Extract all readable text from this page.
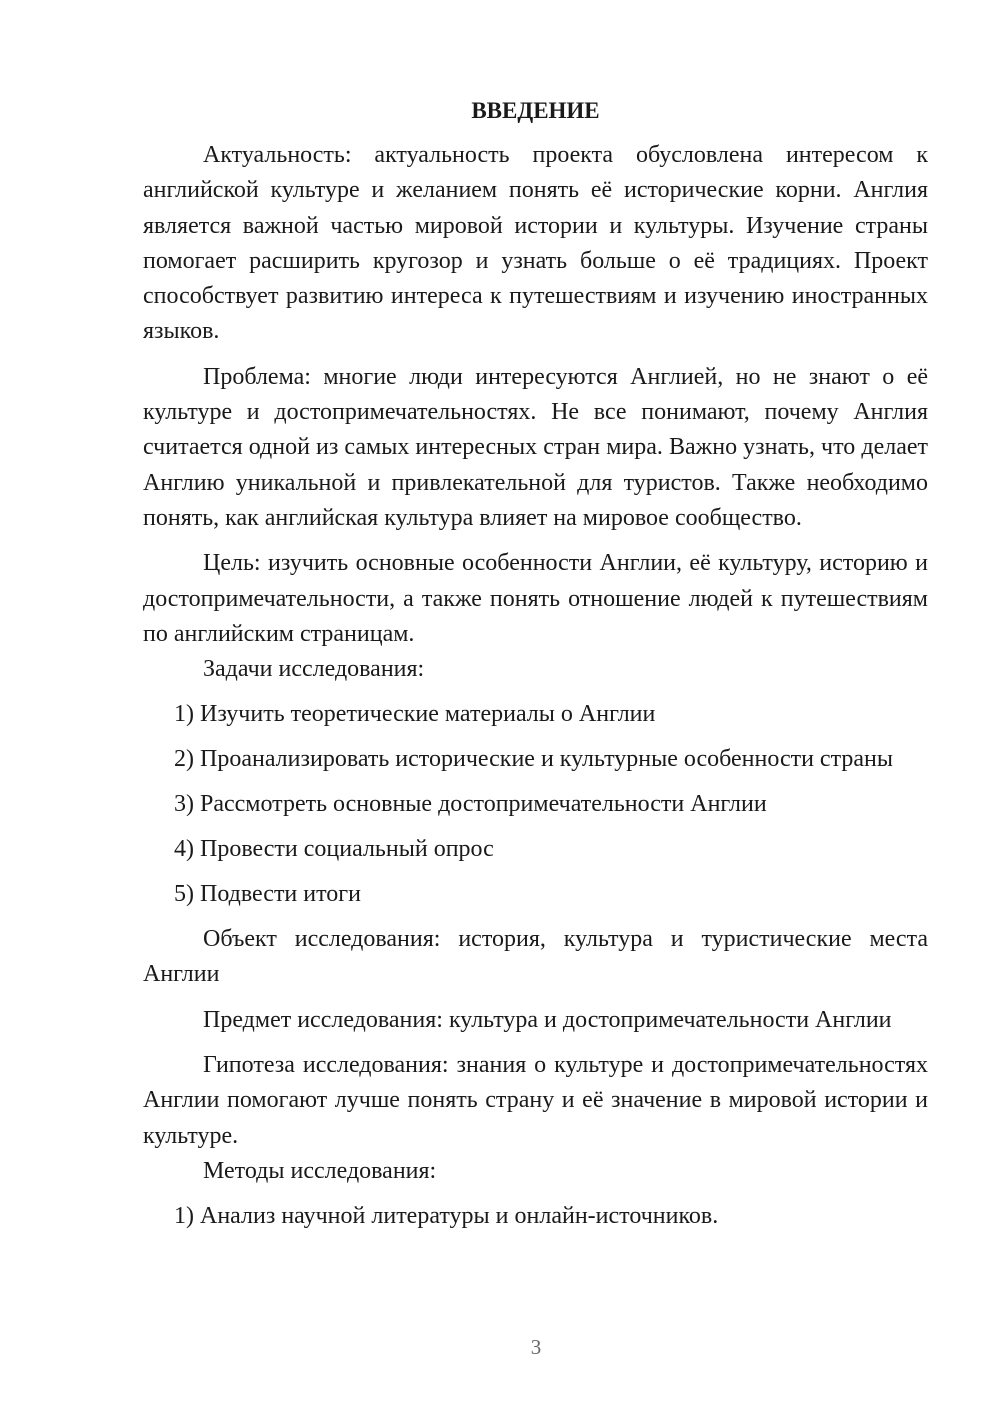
ВВЕДЕНИЕ

Актуальность: актуальность проекта обусловлена интересом к английской культуре и желанием понять её исторические корни. Англия является важной частью мировой истории и культуры. Изучение страны помогает расширить кругозор и узнать больше о её традициях. Проект способствует развитию интереса к путешествиям и изучению иностранных языков.

Проблема: многие люди интересуются Англией, но не знают о её культуре и достопримечательностях. Не все понимают, почему Англия считается одной из самых интересных стран мира. Важно узнать, что делает Англию уникальной и привлекательной для туристов. Также необходимо понять, как английская культура влияет на мировое сообщество.

Цель: изучить основные особенности Англии, её культуру, историю и достопримечательности, а также понять отношение людей к путешествиям по английским страницам.

Задачи исследования:

1) Изучить теоретические материалы о Англии

2) Проанализировать исторические и культурные особенности страны

3) Рассмотреть основные достопримечательности Англии

4) Провести социальный опрос

5) Подвести итоги

Объект исследования: история, культура и туристические места Англии

Предмет исследования: культура и достопримечательности Англии

Гипотеза исследования: знания о культуре и достопримечательностях Англии помогают лучше понять страну и её значение в мировой истории и культуре.

Методы исследования:

1) Анализ научной литературы и онлайн-источников.

3
